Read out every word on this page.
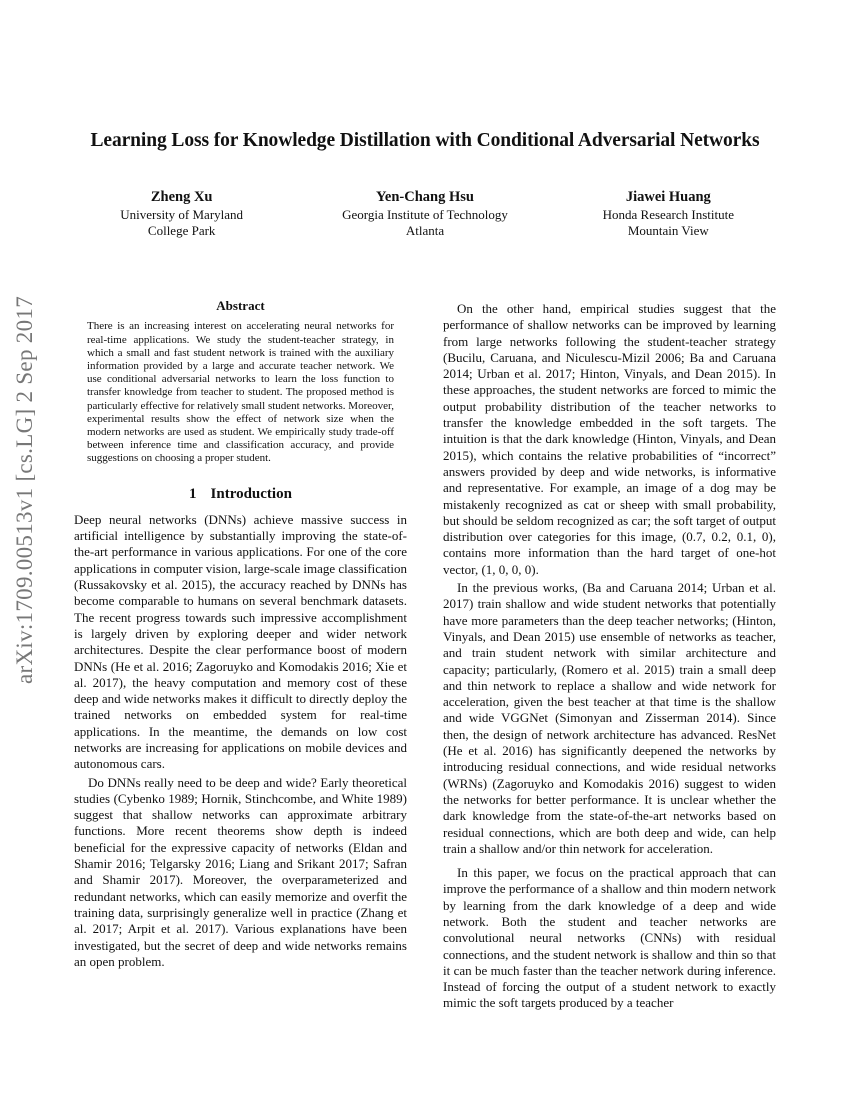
arXiv:1709.00513v1 [cs.LG] 2 Sep 2017
Learning Loss for Knowledge Distillation with Conditional Adversarial Networks
Zheng Xu
University of Maryland
College Park
Yen-Chang Hsu
Georgia Institute of Technology
Atlanta
Jiawei Huang
Honda Research Institute
Mountain View
Abstract
There is an increasing interest on accelerating neural networks for real-time applications. We study the student-teacher strategy, in which a small and fast student network is trained with the auxiliary information provided by a large and accurate teacher network. We use conditional adversarial networks to learn the loss function to transfer knowledge from teacher to student. The proposed method is particularly effective for relatively small student networks. Moreover, experimental results show the effect of network size when the modern networks are used as student. We empirically study trade-off between inference time and classification accuracy, and provide suggestions on choosing a proper student.
1 Introduction

Deep neural networks (DNNs) achieve massive success in artificial intelligence by substantially improving the state-of-the-art performance in various applications. For one of the core applications in computer vision, large-scale image classification (Russakovsky et al. 2015), the accuracy reached by DNNs has become comparable to humans on several benchmark datasets. The recent progress towards such impressive accomplishment is largely driven by exploring deeper and wider network architectures. Despite the clear performance boost of modern DNNs (He et al. 2016; Zagoruyko and Komodakis 2016; Xie et al. 2017), the heavy computation and memory cost of these deep and wide networks makes it difficult to directly deploy the trained networks on embedded system for real-time applications. In the meantime, the demands on low cost networks are increasing for applications on mobile devices and autonomous cars.

Do DNNs really need to be deep and wide? Early theoretical studies (Cybenko 1989; Hornik, Stinchcombe, and White 1989) suggest that shallow networks can approximate arbitrary functions. More recent theorems show depth is indeed beneficial for the expressive capacity of networks (Eldan and Shamir 2016; Telgarsky 2016; Liang and Srikant 2017; Safran and Shamir 2017). Moreover, the overparameterized and redundant networks, which can easily memorize and overfit the training data, surprisingly generalize well in practice (Zhang et al. 2017; Arpit et al. 2017). Various explanations have been investigated, but the secret of deep and wide networks remains an open problem.

On the other hand, empirical studies suggest that the performance of shallow networks can be improved by learning from large networks following the student-teacher strategy (Bucilu, Caruana, and Niculescu-Mizil 2006; Ba and Caruana 2014; Urban et al. 2017; Hinton, Vinyals, and Dean 2015). In these approaches, the student networks are forced to mimic the output probability distribution of the teacher networks to transfer the knowledge embedded in the soft targets. The intuition is that the dark knowledge (Hinton, Vinyals, and Dean 2015), which contains the relative probabilities of “incorrect” answers provided by deep and wide networks, is informative and representative. For example, an image of a dog may be mistakenly recognized as cat or sheep with small probability, but should be seldom recognized as car; the soft target of output distribution over categories for this image, (0.7, 0.2, 0.1, 0), contains more information than the hard target of one-hot vector, (1, 0, 0, 0).

In the previous works, (Ba and Caruana 2014; Urban et al. 2017) train shallow and wide student networks that potentially have more parameters than the deep teacher networks; (Hinton, Vinyals, and Dean 2015) use ensemble of networks as teacher, and train student network with similar architecture and capacity; particularly, (Romero et al. 2015) train a small deep and thin network to replace a shallow and wide network for acceleration, given the best teacher at that time is the shallow and wide VGGNet (Simonyan and Zisserman 2014). Since then, the design of network architecture has advanced. ResNet (He et al. 2016) has significantly deepened the networks by introducing residual connections, and wide residual networks (WRNs) (Zagoruyko and Komodakis 2016) suggest to widen the networks for better performance. It is unclear whether the dark knowledge from the state-of-the-art networks based on residual connections, which are both deep and wide, can help train a shallow and/or thin network for acceleration.

In this paper, we focus on the practical approach that can improve the performance of a shallow and thin modern network by learning from the dark knowledge of a deep and wide network. Both the student and teacher networks are convolutional neural networks (CNNs) with residual connections, and the student network is shallow and thin so that it can be much faster than the teacher network during inference. Instead of forcing the output of a student network to exactly mimic the soft targets produced by a teacher
